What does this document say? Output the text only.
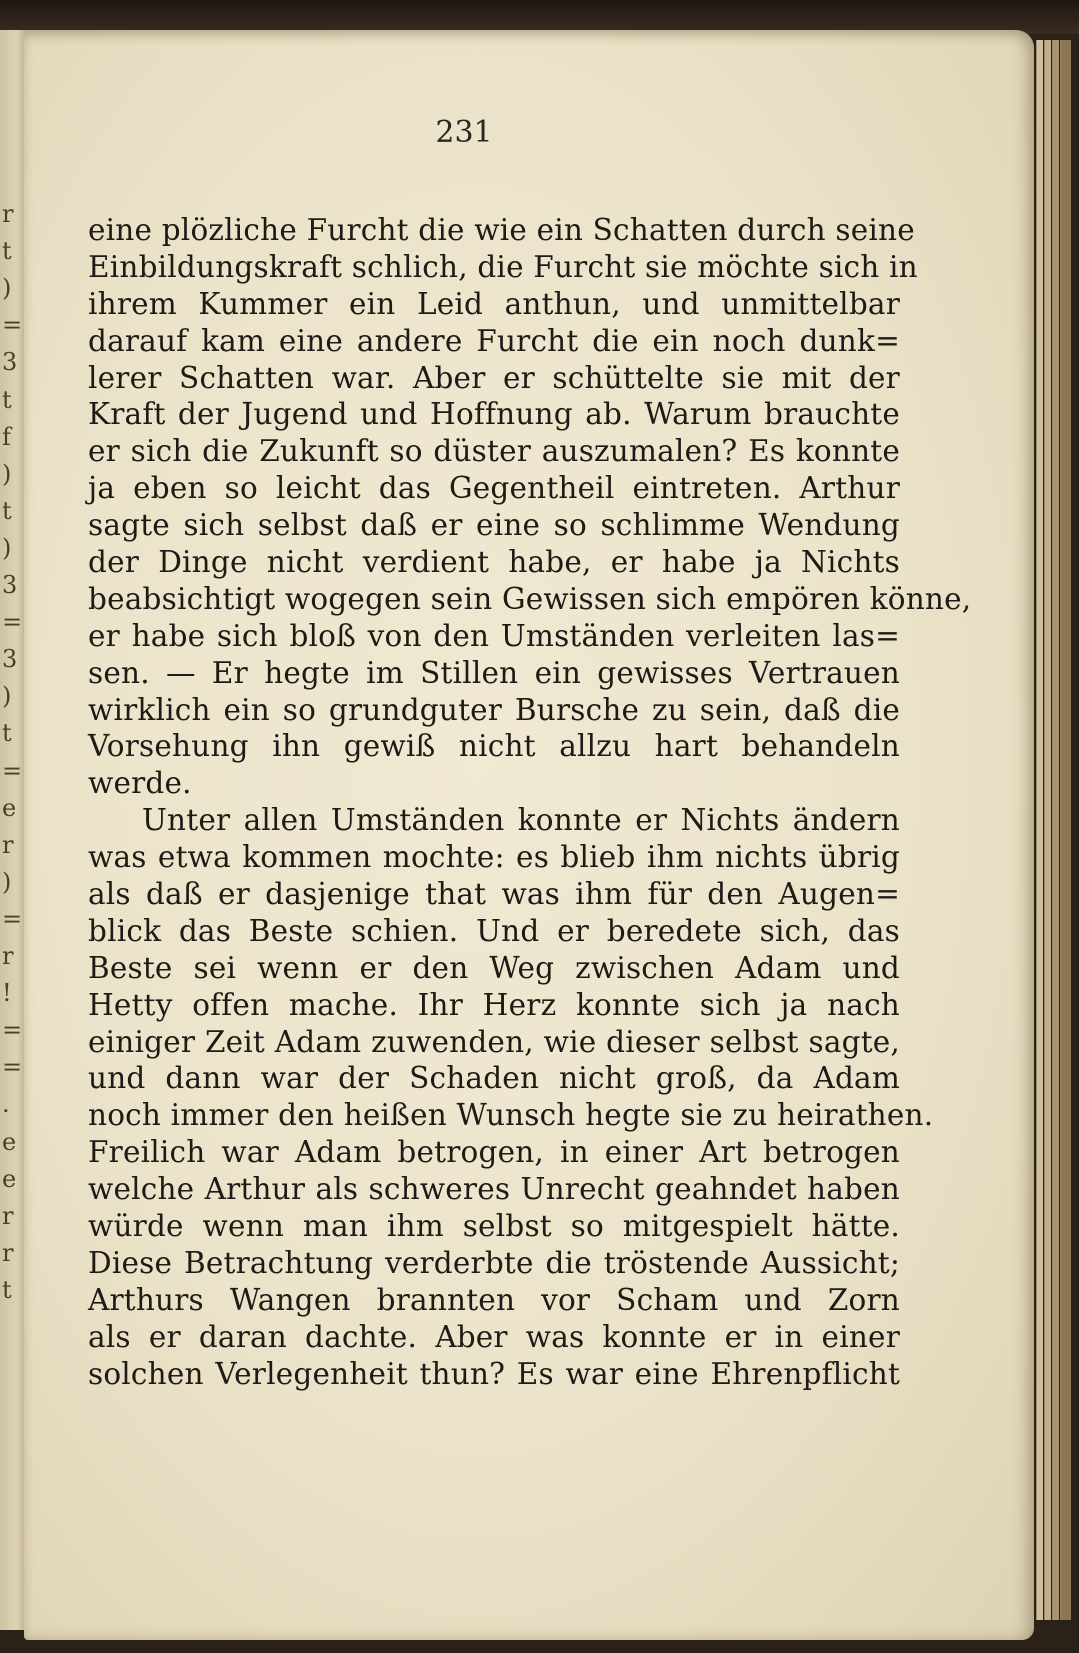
r
t
)
=
3
t
f
)
t
)
3
=
3
)
t
=
e
r
)
=
r
!
=
=
.
e
e
r
r
t
231
eine plözliche Furcht die wie ein Schatten durch seine
Einbildungskraft schlich, die Furcht sie möchte sich in
ihrem Kummer ein Leid anthun, und unmittelbar
darauf kam eine andere Furcht die ein noch dunk=
lerer Schatten war. Aber er schüttelte sie mit der
Kraft der Jugend und Hoffnung ab. Warum brauchte
er sich die Zukunft so düster auszumalen? Es konnte
ja eben so leicht das Gegentheil eintreten. Arthur
sagte sich selbst daß er eine so schlimme Wendung
der Dinge nicht verdient habe, er habe ja Nichts
beabsichtigt wogegen sein Gewissen sich empören könne,
er habe sich bloß von den Umständen verleiten las=
sen. — Er hegte im Stillen ein gewisses Vertrauen
wirklich ein so grundguter Bursche zu sein, daß die
Vorsehung ihn gewiß nicht allzu hart behandeln
werde.
Unter allen Umständen konnte er Nichts ändern
was etwa kommen mochte: es blieb ihm nichts übrig
als daß er dasjenige that was ihm für den Augen=
blick das Beste schien. Und er beredete sich, das
Beste sei wenn er den Weg zwischen Adam und
Hetty offen mache. Ihr Herz konnte sich ja nach
einiger Zeit Adam zuwenden, wie dieser selbst sagte,
und dann war der Schaden nicht groß, da Adam
noch immer den heißen Wunsch hegte sie zu heirathen.
Freilich war Adam betrogen, in einer Art betrogen
welche Arthur als schweres Unrecht geahndet haben
würde wenn man ihm selbst so mitgespielt hätte.
Diese Betrachtung verderbte die tröstende Aussicht;
Arthurs Wangen brannten vor Scham und Zorn
als er daran dachte. Aber was konnte er in einer
solchen Verlegenheit thun? Es war eine Ehrenpflicht
